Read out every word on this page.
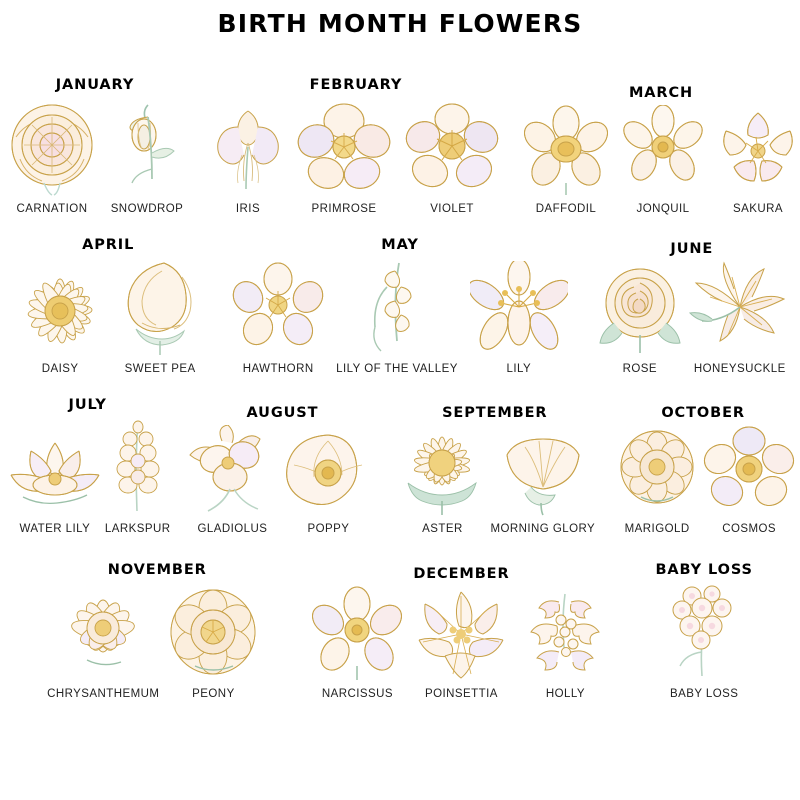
BIRTH MONTH FLOWERS
JANUARY
CARNATION SNOWDROP
FEBRUARY
IRIS	PRIMROSE	VIOLET
MARCH
DAFFODIL	JONQUIL	SAKURA
APRIL
DAISY	SWEET PEA
MAY
HAWTHORN LILY OF THE VALLEY	LILY
JUNE
ROSE	HONEYSUCKLE
JULY
WATER LILY LARKSPUR
AUGUST
GLADIOLUS	POPPY
SEPTEMBER
ASTER MORNING GLORY
OCTOBER
MARIGOLD	COSMOS
NOVEMBER
CHRYSANTHEMUM	PEONY
DECEMBER
NARCISSUS	POINSETTIA	HOLLY
BABY LOSS
BABY LOSS
